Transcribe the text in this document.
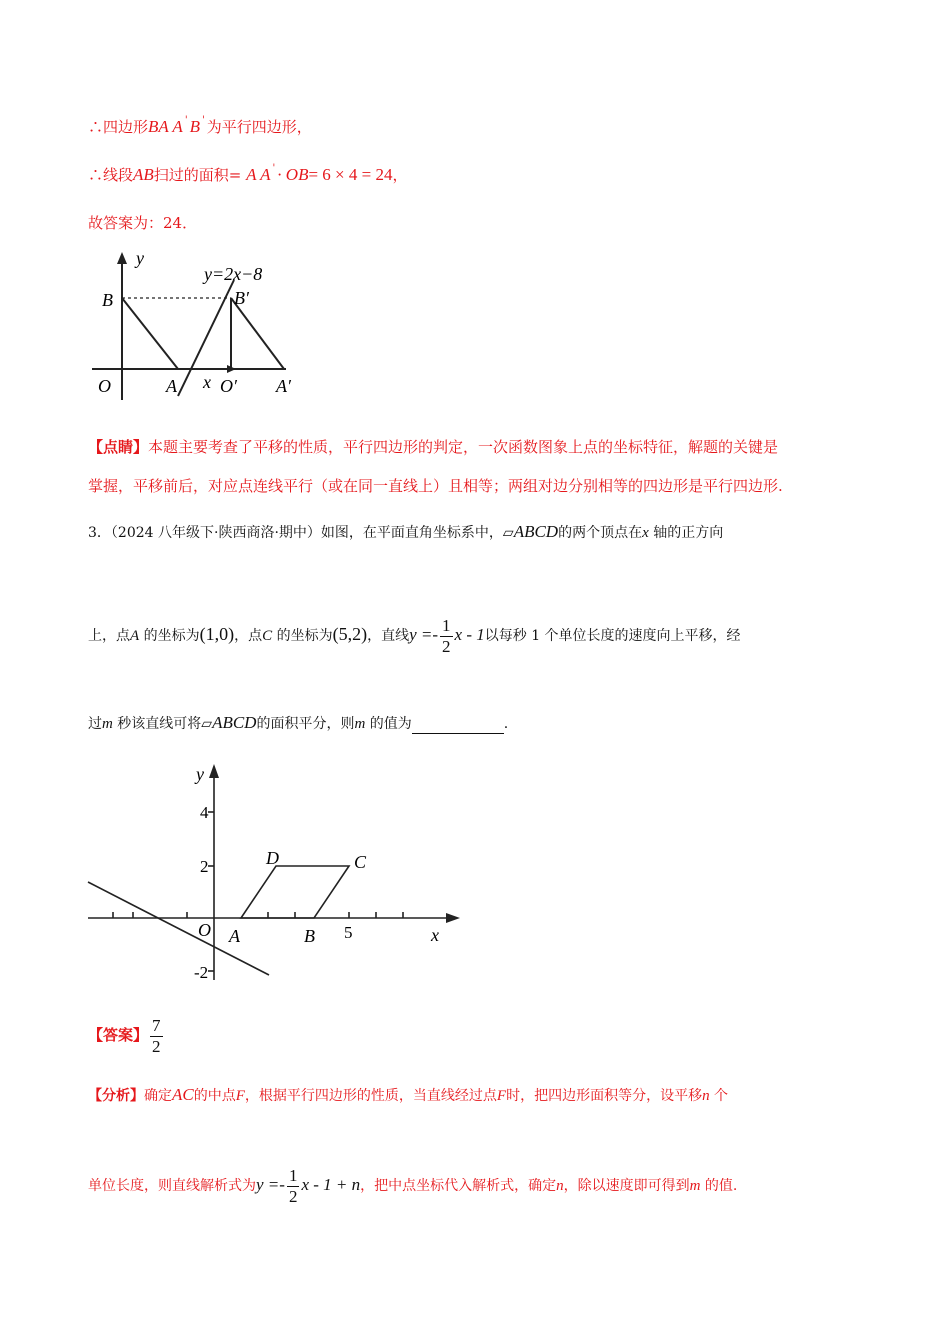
∴四边形BA A ' B ' 为平行四边形，
∴线段AB扫过的面积= A A ' · OB= 6 × 4 = 24，
故答案为：24．
y
y=2x−8
B	B′
O	A x O′ A′
【点睛】本题主要考查了平移的性质，平行四边形的判定，一次函数图象上点的坐标特征，解题的关键是
掌握，平移前后，对应点连线平行（或在同一直线上）且相等；两组对边分别相等的四边形是平行四边形.
3．（2024 八年级下·陕西商洛·期中）如图，在平面直角坐标系中，▱ABCD的两个顶点在x 轴的正方向
上，点A 的坐标为(1,0)，点C 的坐标为(5,2)，直线$y =- \frac{1}{2}$ x - 1以每秒 1 个单位长度的速度向上平移，经
过m 秒该直线可将▱ABCD的面积平分，则m 的值为	.
y
4
2
-2
O A	B 5	x
D	C
【答案】 $\frac{7}{2}$
【分析】确定AC的中点F，根据平行四边形的性质，当直线经过点F时，把四边形面积等分，设平移n 个
单位长度，则直线解析式为$y =- \frac{1}{2}$ x - 1 + n，把中点坐标代入解析式，确定n，除以速度即可得到m 的值.
